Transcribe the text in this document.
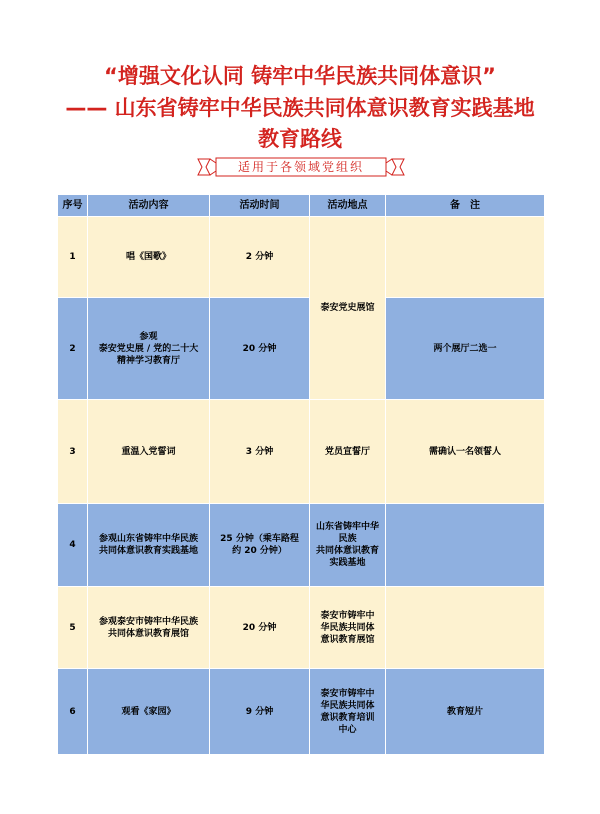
“增强文化认同 铸牢中华民族共同体意识”
—— 山东省铸牢中华民族共同体意识教育实践基地
教育路线
适用于各领域党组织
序号	活动内容	活动时间	活动地点	备　注
1	唱《国歌》	2 分钟	泰安党史展馆	
2	参观
泰安党史展 / 党的二十大
精神学习教育厅	20 分钟		两个展厅二选一
3	重温入党誓词	3 分钟	党员宣誓厅	需确认一名领誓人
4	参观山东省铸牢中华民族
共同体意识教育实践基地	25 分钟（乘车路程
约 20 分钟）	山东省铸牢中华民族
共同体意识教育
实践基地	
5	参观泰安市铸牢中华民族
共同体意识教育展馆	20 分钟	泰安市铸牢中
华民族共同体
意识教育展馆	
6	观看《家园》	9 分钟	泰安市铸牢中
华民族共同体
意识教育培训
中心	教育短片
